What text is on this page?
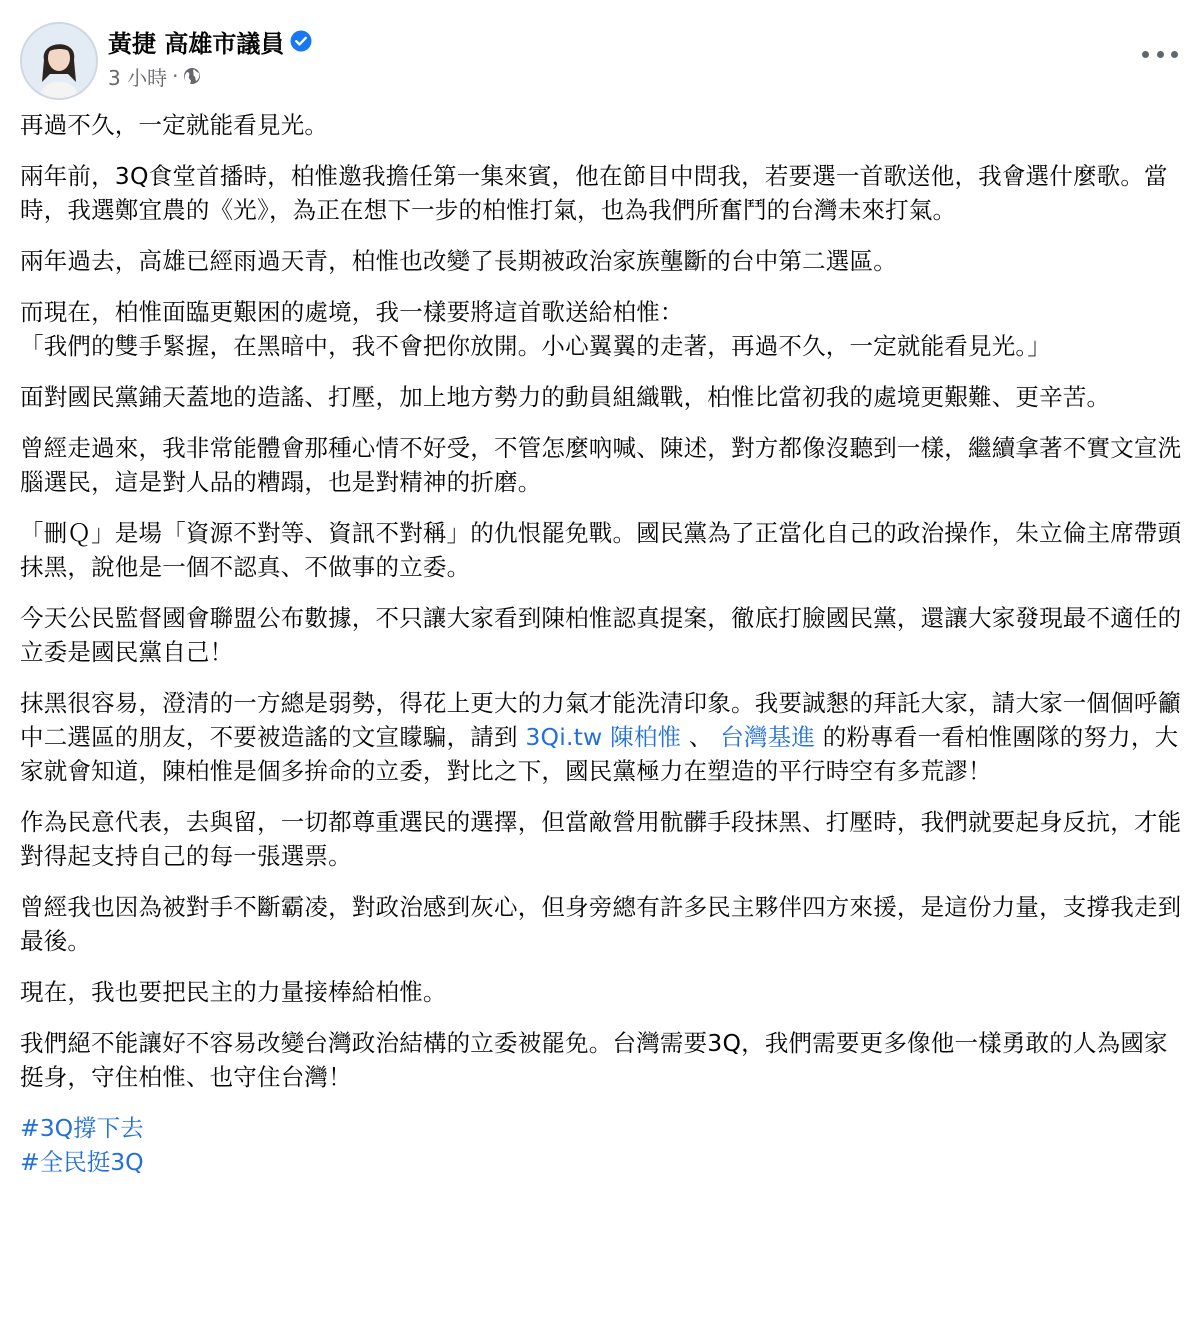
黃捷 高雄市議員
3 小時 ·

再過不久，一定就能看見光。

兩年前，3Q食堂首播時，柏惟邀我擔任第一集來賓，他在節目中問我，若要選一首歌送他，我會選什麼歌。當時，我選鄭宜農的《光》，為正在想下一步的柏惟打氣，也為我們所奮鬥的台灣未來打氣。

兩年過去，高雄已經雨過天青，柏惟也改變了長期被政治家族壟斷的台中第二選區。

而現在，柏惟面臨更艱困的處境，我一樣要將這首歌送給柏惟：
「我們的雙手緊握，在黑暗中，我不會把你放開。小心翼翼的走著，再過不久，一定就能看見光。」

面對國民黨鋪天蓋地的造謠、打壓，加上地方勢力的動員組織戰，柏惟比當初我的處境更艱難、更辛苦。

曾經走過來，我非常能體會那種心情不好受，不管怎麼吶喊、陳述，對方都像沒聽到一樣，繼續拿著不實文宣洗腦選民，這是對人品的糟蹋，也是對精神的折磨。

「刪Ｑ」是場「資源不對等、資訊不對稱」的仇恨罷免戰。國民黨為了正當化自己的政治操作，朱立倫主席帶頭抹黑，說他是一個不認真、不做事的立委。

今天公民監督國會聯盟公布數據，不只讓大家看到陳柏惟認真提案，徹底打臉國民黨，還讓大家發現最不適任的立委是國民黨自己！

抹黑很容易，澄清的一方總是弱勢，得花上更大的力氣才能洗清印象。我要誠懇的拜託大家，請大家一個個呼籲中二選區的朋友，不要被造謠的文宣矇騙，請到 3Qi.tw 陳柏惟 、 台灣基進 的粉專看一看柏惟團隊的努力，大家就會知道，陳柏惟是個多拚命的立委，對比之下，國民黨極力在塑造的平行時空有多荒謬！

作為民意代表，去與留，一切都尊重選民的選擇，但當敵營用骯髒手段抹黑、打壓時，我們就要起身反抗，才能對得起支持自己的每一張選票。

曾經我也因為被對手不斷霸凌，對政治感到灰心，但身旁總有許多民主夥伴四方來援，是這份力量，支撐我走到最後。

現在，我也要把民主的力量接棒給柏惟。

我們絕不能讓好不容易改變台灣政治結構的立委被罷免。台灣需要3Q，我們需要更多像他一樣勇敢的人為國家挺身，守住柏惟、也守住台灣！

#3Q撐下去
#全民挺3Q
